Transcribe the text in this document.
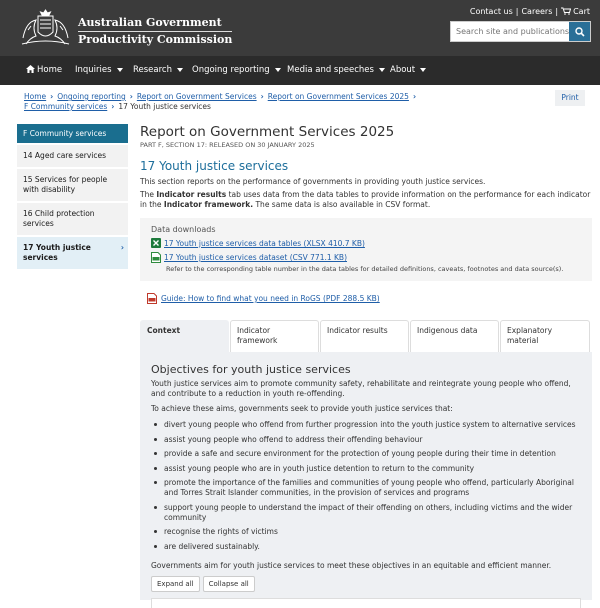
Australian Government
Productivity Commission
Contact us | Careers | Cart
Search site and publications
Home Inquiries	Research	Ongoing reporting	Media and speeches	About
Home › Ongoing reporting › Report on Government Services › Report on Government Services 2025 ›
F Community services › 17 Youth justice services
Print
F Community services
14 Aged care services
15 Services for people with disability
16 Child protection services
17 Youth justice services
›
Report on Government Services 2025
PART F, SECTION 17: RELEASED ON 30 JANUARY 2025
17 Youth justice services
This section reports on the performance of governments in providing youth justice services.
The Indicator results tab uses data from the data tables to provide information on the performance for each indicator in the Indicator framework. The same data is also available in CSV format.
Data downloads
17 Youth justice services data tables (XLSX 410.7 KB)
17 Youth justice services dataset (CSV 771.1 KB)
Refer to the corresponding table number in the data tables for detailed definitions, caveats, footnotes and data source(s).
Guide: How to find what you need in RoGS (PDF 288.5 KB)
Context	Indicator framework
Indicator results	Indigenous data	Explanatory material
Objectives for youth justice services
Youth justice services aim to promote community safety, rehabilitate and reintegrate young people who offend, and contribute to a reduction in youth re-offending.
To achieve these aims, governments seek to provide youth justice services that:
divert young people who offend from further progression into the youth justice system to alternative services
assist young people who offend to address their offending behaviour
provide a safe and secure environment for the protection of young people during their time in detention
assist young people who are in youth justice detention to return to the community
promote the importance of the families and communities of young people who offend, particularly Aboriginal and Torres Strait Islander communities, in the provision of services and programs
support young people to understand the impact of their offending on others, including victims and the wider community
recognise the rights of victims
are delivered sustainably.
Governments aim for youth justice services to meet these objectives in an equitable and efficient manner.
Expand all	Collapse all
